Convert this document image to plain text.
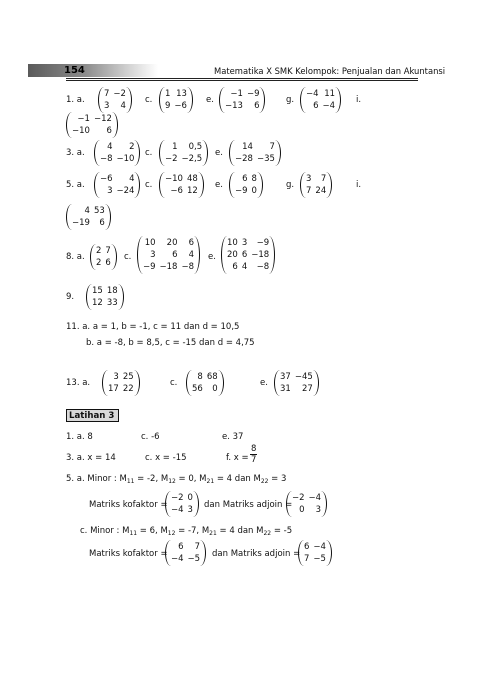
154	Matematika X SMK Kelompok: Penjualan dan Akuntansi
1. a.
7	−2
3	4
c.
1	13
9	−6
e.
−1	−9
−13	6
g.
−4	11
6	−4
i.
−1	−12
−10	6
3. a.
4	2
−8	−10
c.
1	0,5
−2	−2,5
e.
14	7
−28	−35
5. a.
−6	4
3	−24
c.
−10	48
−6	12
e.
6	8
−9	0
g.
3	7
7	24
i.
4	53
−19	6
8. a.
2	7
2	6
c.
10	20	6
3	6	4
−9	−18	−8
e.
10	3	−9
20	6	−18
6	4	−8
9.
15	18
12	33
11. a. a = 1, b = -1, c = 11 dan d = 10,5
b. a = -8, b = 8,5, c = -15 dan d = 4,75
13. a.
3	25
17	22
c.
8	68
56	0
e.
37	−45
31	27
Latihan 3
1. a. 8	c. -6	e. 37
3. a. x = 14	c. x = -15	f. $x = \frac{8}{7}$
5. a. Minor : $M_{11} = -2$, $M_{12} = 0$, $M_{21} = 4$ dan $M_{22} = 3$
Matriks kofaktor =
−2	0
−4	3 dan Matriks adjoin =
−2	−4
0	3
c. Minor : $M_{11} = 6$, $M_{12} = -7$, $M_{21} = 4$ dan $M_{22} = -5$
Matriks kofaktor =
6	7
−4	−5 dan Matriks adjoin =
6	−4
7	−5
